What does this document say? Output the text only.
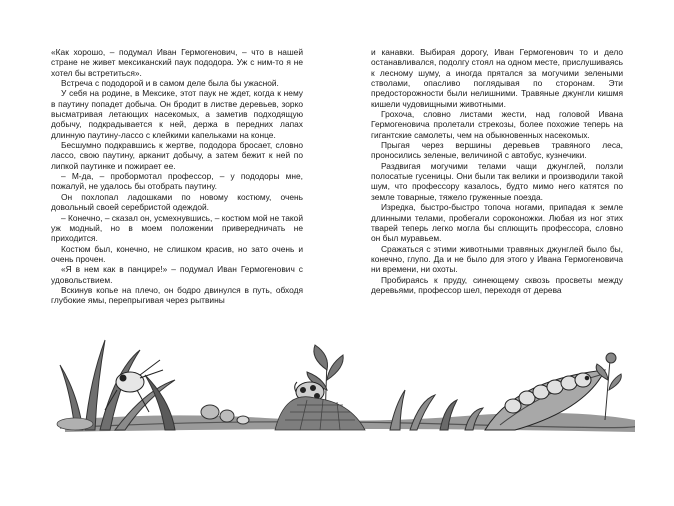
«Как хорошо, – подумал Иван Гермогенович, – что в нашей стране не живет мексиканский паук пододора. Уж с ним-то я не хотел бы встретиться».

Встреча с пододорой и в самом деле была бы ужасной.

У себя на родине, в Мексике, этот паук не ждет, когда к нему в паутину попадет добыча. Он бродит в листве деревьев, зорко высматривая летающих насекомых, а заметив подходящую добычу, подкрадывается к ней, держа в передних лапах длинную паутину-лассо с клейкими капельками на конце.

Бесшумно подкравшись к жертве, пододора бросает, словно лассо, свою паутину, арканит добычу, а затем бежит к ней по липкой паутинке и пожирает ее.

– М-да, – пробормотал профессор, – у пододоры мне, пожалуй, не удалось бы отобрать паутину.

Он похлопал ладошками по новому костюму, очень довольный своей серебристой одеждой.

– Конечно, – сказал он, усмехнувшись, – костюм мой не такой уж модный, но в моем положении привередничать не приходится.

Костюм был, конечно, не слишком красив, но зато очень и очень прочен.

«Я в нем как в панцире!» – подумал Иван Гермогенович с удовольствием.

Вскинув копье на плечо, он бодро двинулся в путь, обходя глубокие ямы, перепрыгивая через рытвины

и канавки. Выбирая дорогу, Иван Гермогенович то и дело останавливался, подолгу стоял на одном месте, прислушиваясь к лесному шуму, а иногда прятался за могучими зелеными стволами, опасливо поглядывая по сторонам. Эти предосторожности были нелишними. Травяные джунгли кишмя кишели чудовищными животными.

Грохоча, словно листами жести, над головой Ивана Гермогеновича пролетали стрекозы, более похожие теперь на гигантские самолеты, чем на обыкновенных насекомых.

Прыгая через вершины деревьев травяного леса, проносились зеленые, величиной с автобус, кузнечики.

Раздвигая могучими телами чащи джунглей, ползли полосатые гусеницы. Они были так велики и производили такой шум, что профессору казалось, будто мимо него катятся по земле товарные, тяжело груженные поезда.

Изредка, быстро-быстро топоча ногами, припадая к земле длинными телами, пробегали сороконожки. Любая из ног этих тварей теперь легко могла бы сплющить профессора, словно он был муравьем.

Сражаться с этими животными травяных джунглей было бы, конечно, глупо. Да и не было для этого у Ивана Гермогеновича ни времени, ни охоты.

Пробираясь к пруду, синеющему сквозь просветы между деревьями, профессор шел, переходя от дерева
